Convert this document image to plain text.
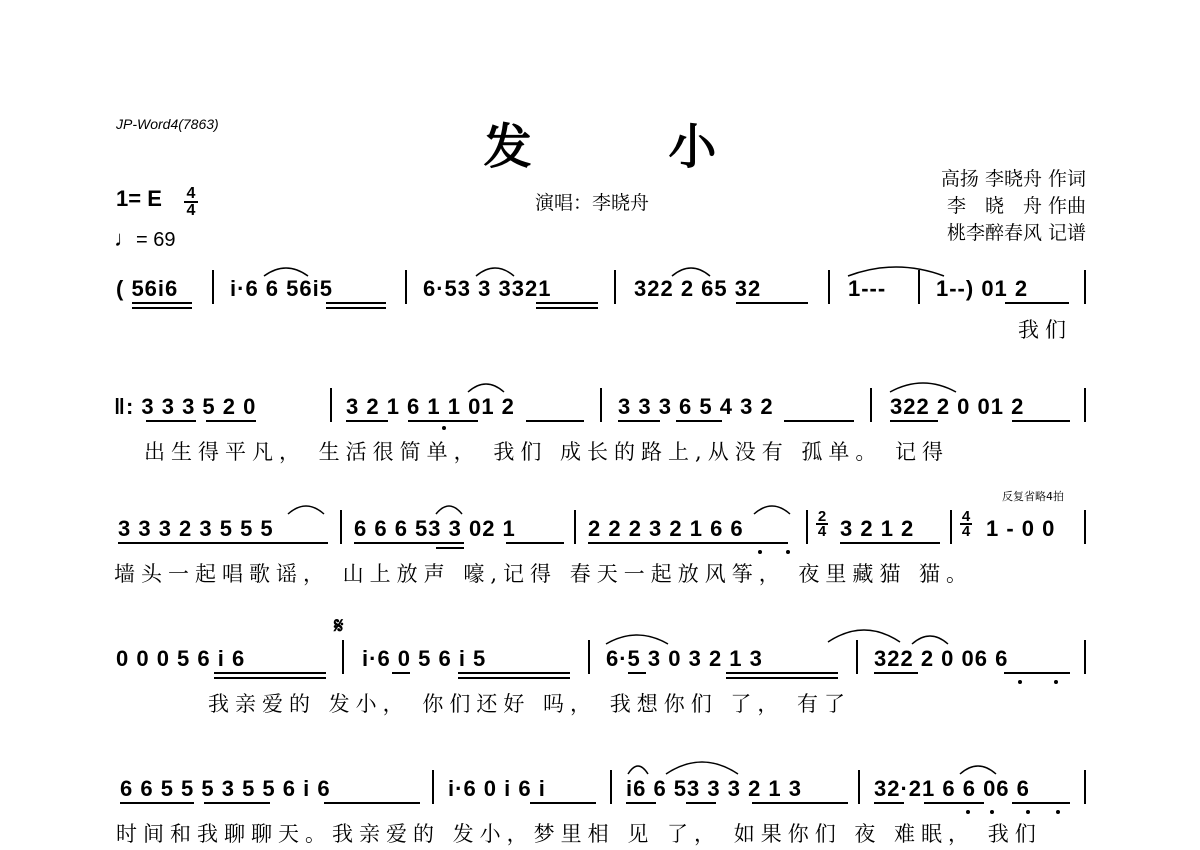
JP-Word4(7863)	发 小
演唱：李晓舟
高扬 李晓舟 作词
李　晓　舟 作曲
桃李醉春风 记谱
1= E 4
4
♩= 69
( 56i6 i·6 6 56i5	6·53 3 3321	322 2 65 32	1--- 1--) 01 2
我们
‖: 3 3 3 5 2 0	3 2 1 6 1 1 01 2	3 3 3 6 5 4 3 2	322 2 0 01 2
出生得平凡， 生活很简单， 我们 成长的路上,从没有 孤单。 记得
反复省略4拍
3 3 3 2 3 5 5 5	6 6 6 53 3 02 1	2 2 2 3 2 1 6 6	2
4 3 2 1 2	4
4 1 - 0 0
墙头一起唱歌谣， 山上放声 嚎,记得 春天一起放风筝， 夜里藏猫 猫。
𝄋
0 0 0 5 6 i 6	i·6 0 5 6 i 5	6·5 3 0 3 2 1 3	322 2 0 06 6
我亲爱的 发小， 你们还好 吗， 我想你们 了， 有了
6 6 5 5 5 3 5 5 6 i 6	i·6 0 i 6 i	i6 6 53 3 3 2 1 3	32·21 6 6 06 6
时间和我聊聊天。我亲爱的 发小，梦里相 见 了， 如果你们 夜 难眠， 我们
